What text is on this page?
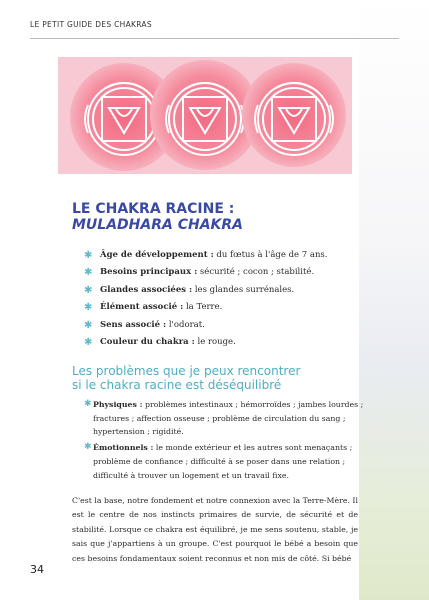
LE PETIT GUIDE DES CHAKRAS
LE CHAKRA RACINE :
MULADHARA CHAKRA
✱ Âge de développement : du fœtus à l'âge de 7 ans.
✱ Besoins principaux : sécurité ; cocon ; stabilité.
✱ Glandes associées : les glandes surrénales.
✱ Élément associé : la Terre.
✱ Sens associé : l'odorat.
✱ Couleur du chakra : le rouge.
Les problèmes que je peux rencontrer
si le chakra racine est déséquilibré
✱ Physiques : problèmes intestinaux ; hémorroïdes ; jambes lourdes ; fractures ; affection osseuse ; problème de circulation du sang ; hypertension ; rigidité.
✱ Émotionnels : le monde extérieur et les autres sont menaçants ; problème de confiance ; difficulté à se poser dans une relation ; difficulté à trouver un logement et un travail fixe.
C'est la base, notre fondement et notre connexion avec la Terre-Mère. Il est le centre de nos instincts primaires de survie, de sécurité et de stabilité. Lorsque ce chakra est équilibré, je me sens soutenu, stable, je sais que j'appartiens à un groupe. C'est pourquoi le bébé a besoin que ces besoins fondamentaux soient reconnus et non mis de côté. Si bébé
34
